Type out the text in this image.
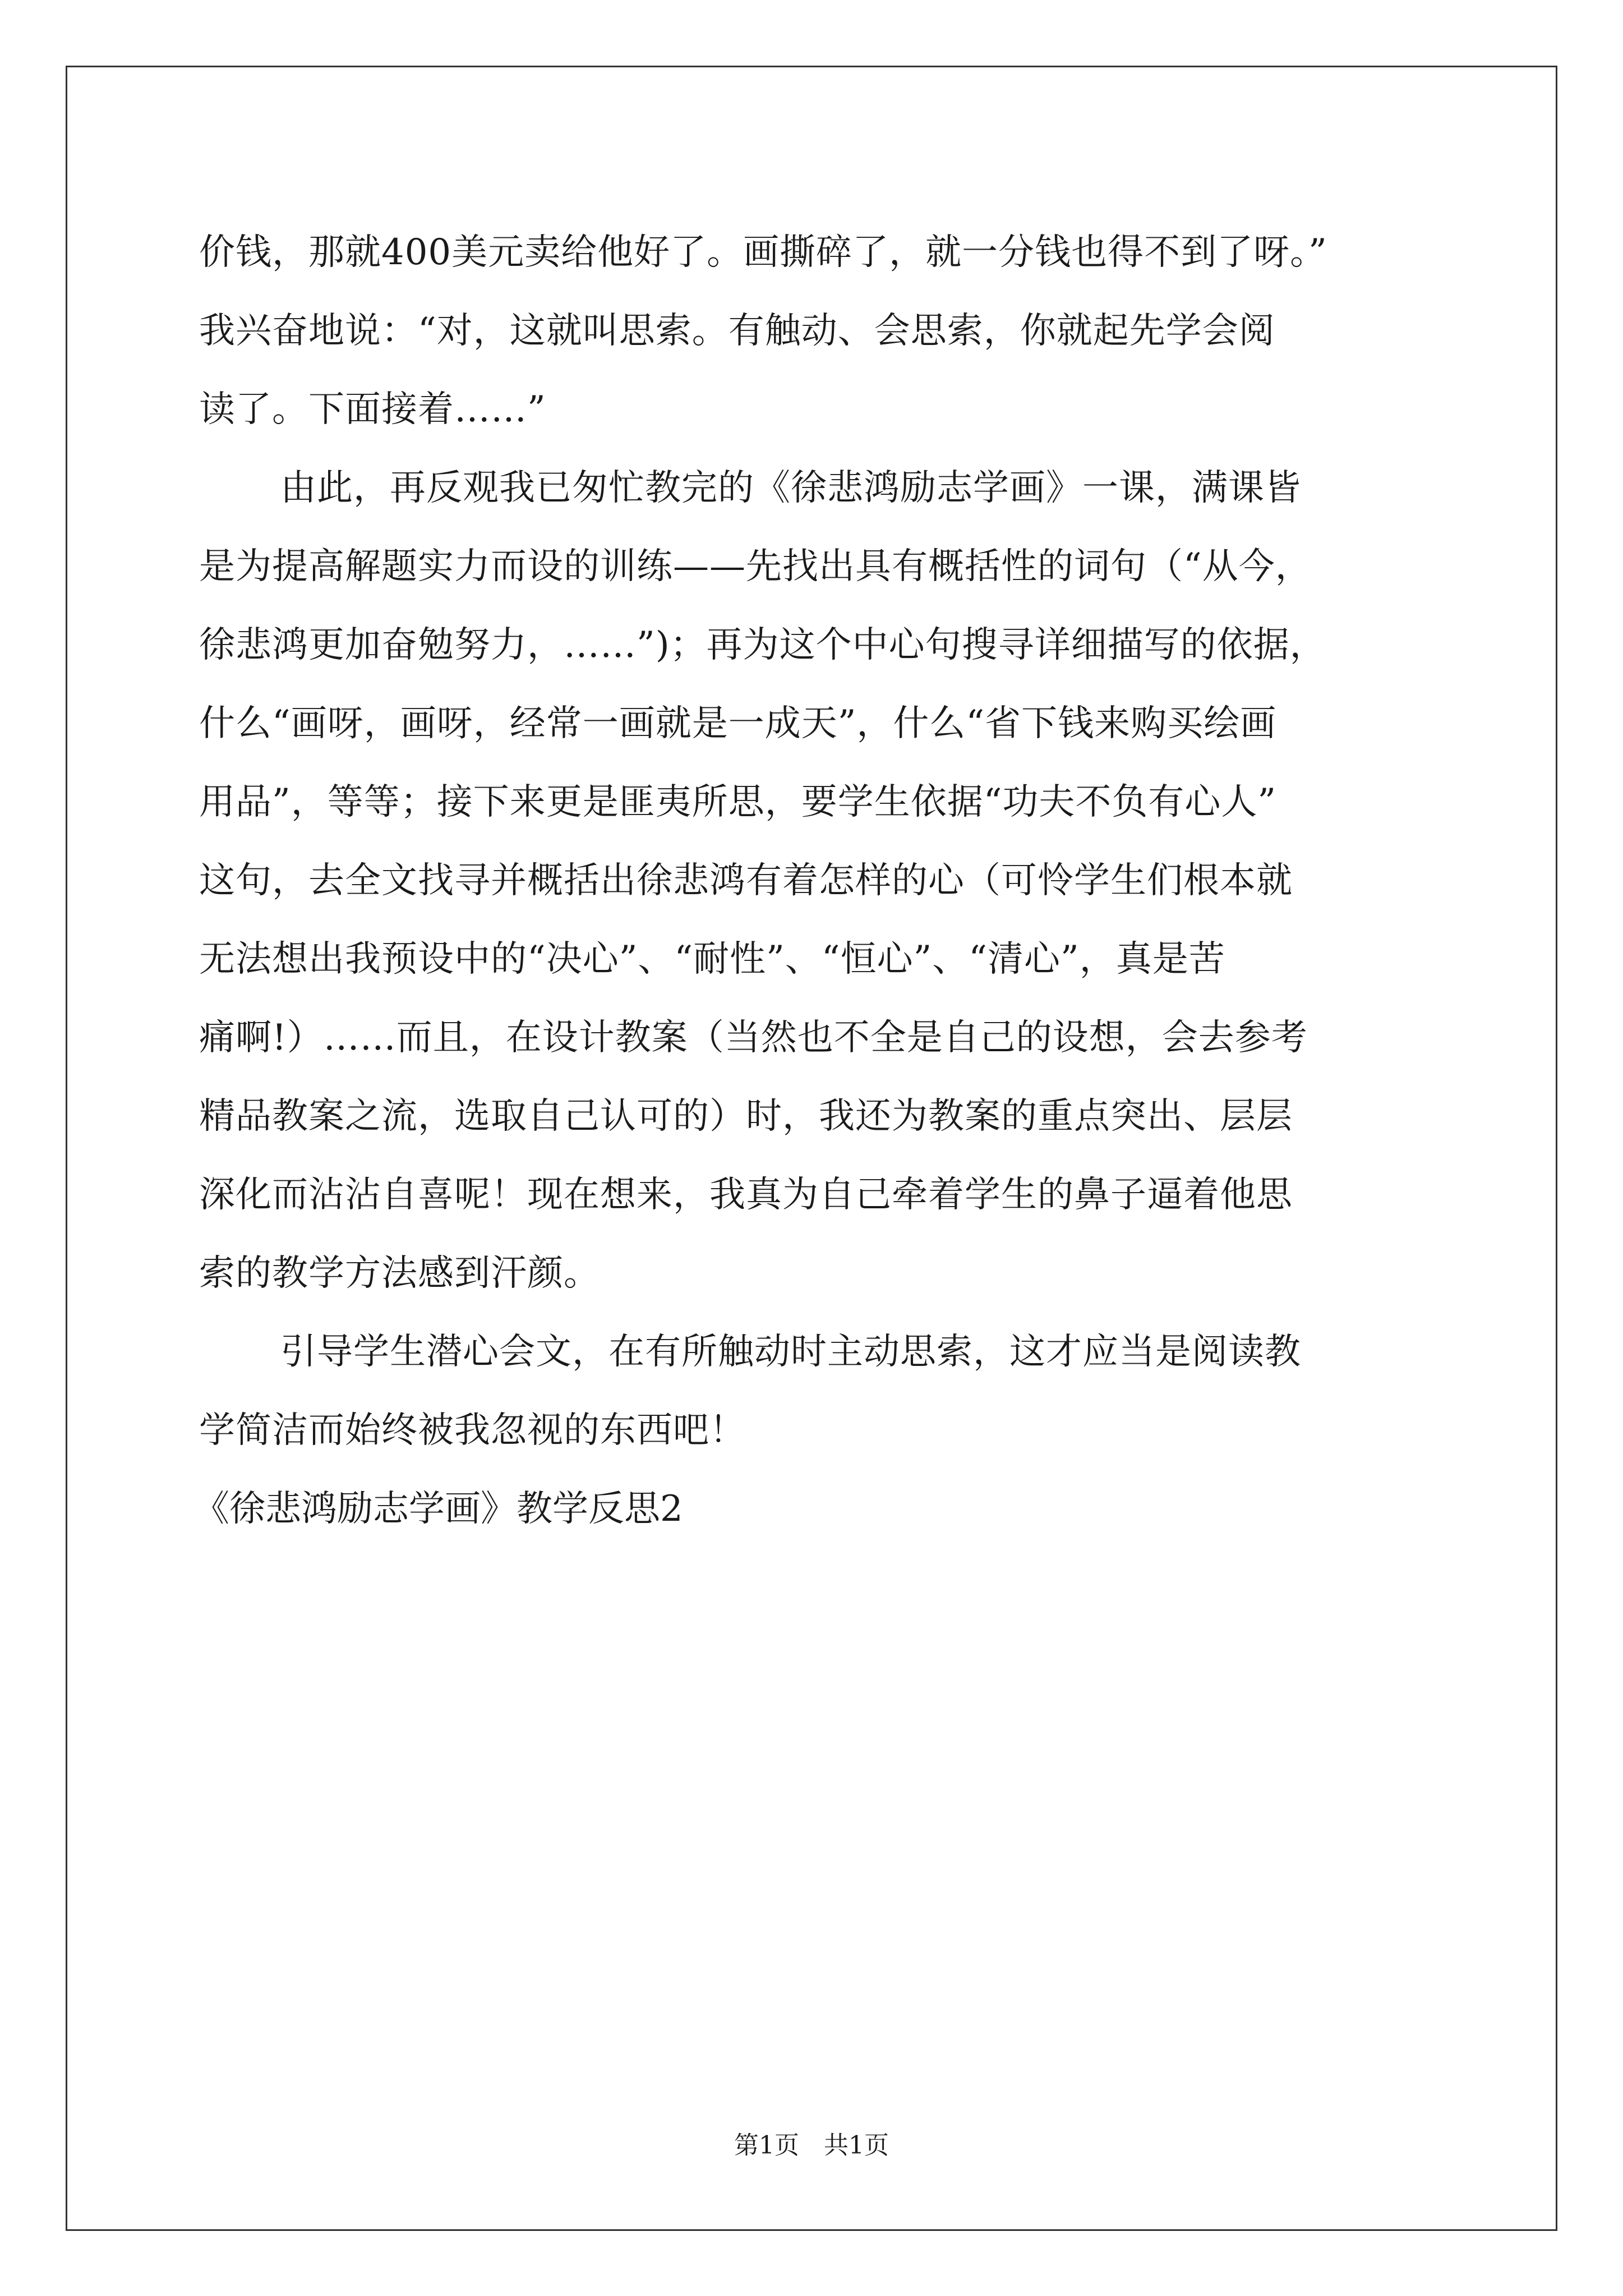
价钱，那就400美元卖给他好了。画撕碎了，就一分钱也得不到了呀。”
我兴奋地说：“对，这就叫思索。有触动、会思索，你就起先学会阅
读了。下面接着……”
由此，再反观我已匆忙教完的《徐悲鸿励志学画》一课，满课皆
是为提高解题实力而设的训练——先找出具有概括性的词句（“从今，
徐悲鸿更加奋勉努力，……”)；再为这个中心句搜寻详细描写的依据，
什么“画呀，画呀，经常一画就是一成天”，什么“省下钱来购买绘画
用品”，等等；接下来更是匪夷所思，要学生依据“功夫不负有心人”
这句，去全文找寻并概括出徐悲鸿有着怎样的心（可怜学生们根本就
无法想出我预设中的“决心”、“耐性”、“恒心”、“清心”，真是苦
痛啊!）……而且，在设计教案（当然也不全是自己的设想，会去参考
精品教案之流，选取自己认可的）时，我还为教案的重点突出、层层
深化而沾沾自喜呢！现在想来，我真为自己牵着学生的鼻子逼着他思
索的教学方法感到汗颜。
引导学生潜心会文，在有所触动时主动思索，这才应当是阅读教
学简洁而始终被我忽视的东西吧！
《徐悲鸿励志学画》教学反思2
第1页　共1页
